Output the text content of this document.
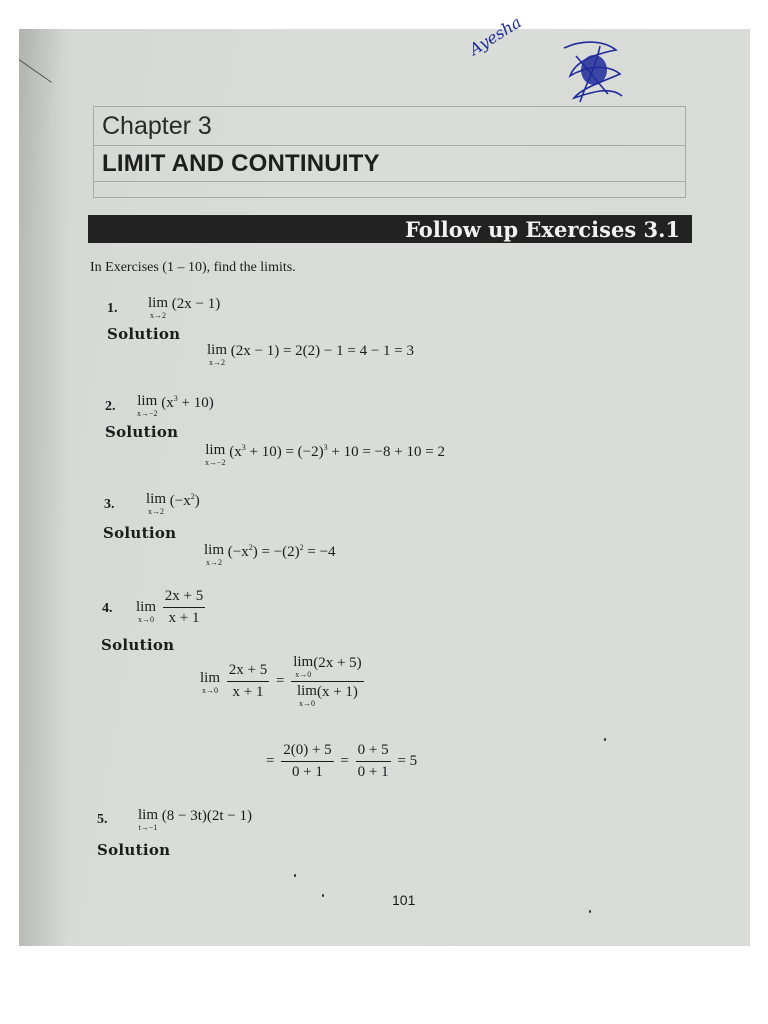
Ayesha
Chapter 3
LIMIT AND CONTINUITY
Follow up Exercises 3.1
In Exercises (1 – 10), find the limits.
1. lim
x→2
(2x − 1)
Solution
lim
x→2
(2x − 1) = 2(2) − 1 = 4 − 1 = 3
2. lim
x→−2
$(x^3 + 10)$
Solution
lim
x→−2
$(x^3 + 10) = (-2)^3 + 10 = -8 + 10 = 2$
3. lim
x→2
$(-x^2)$
Solution
lim
x→2
$(-x^2) = -(2)^2 = -4$
4. lim
x→0
$\frac{2x + 5}{x + 1}$
Solution
lim
x→0
$\frac{2x + 5}{x + 1} = \lim$
x→0
(2x + 5)
lim
x→0
(x + 1)
= $\frac{2(0) + 5}{0 + 1} = \frac{0 + 5}{0 + 1} = 5$
5. lim
t→−1
(8 − 3t)(2t − 1)
Solution
101
